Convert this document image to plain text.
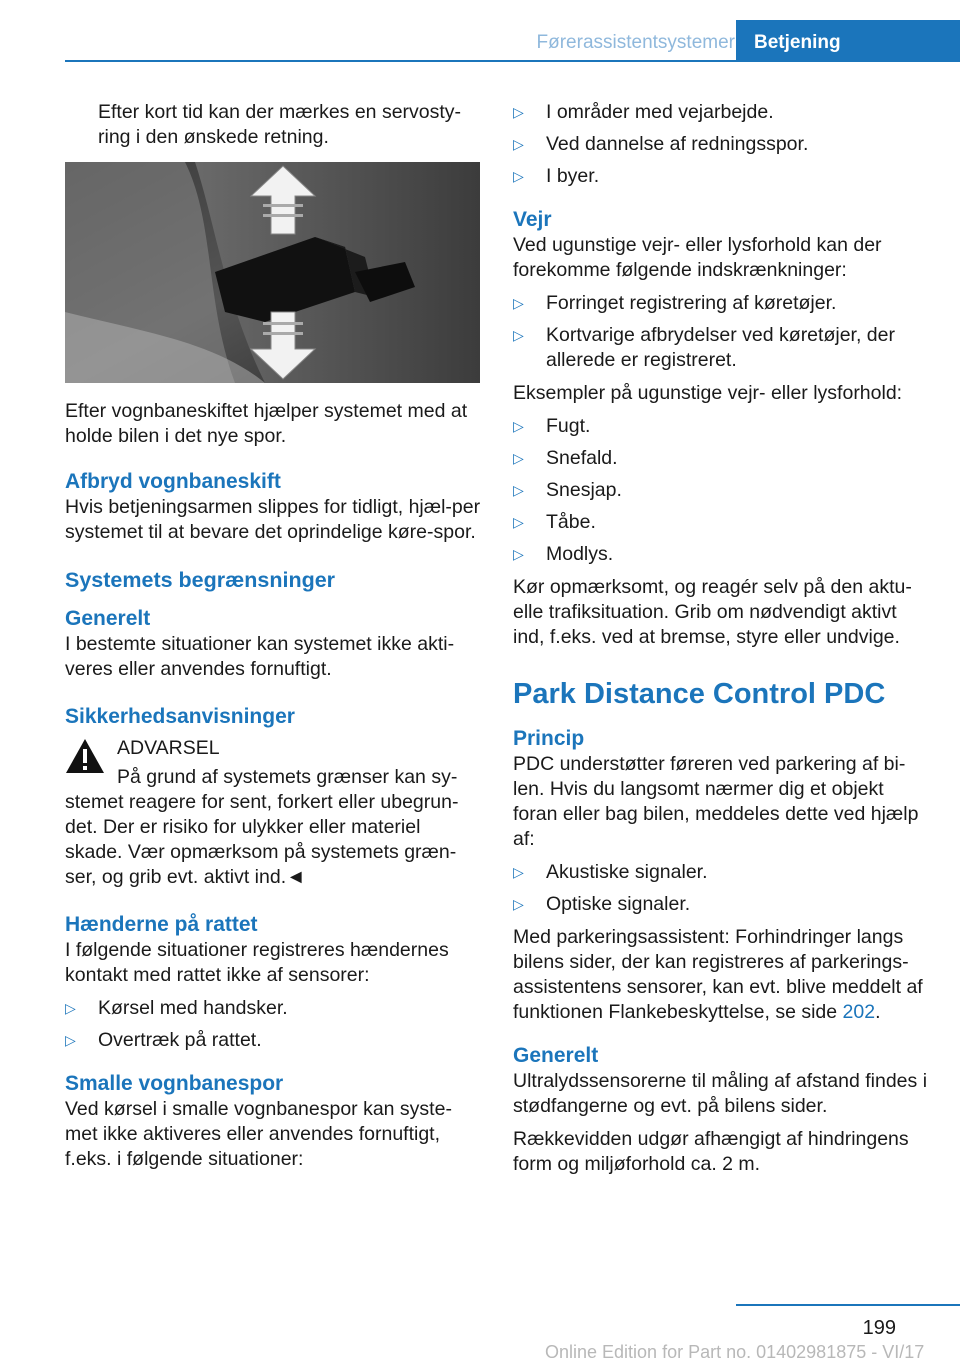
Førerassistentsystemer Betjening

Efter kort tid kan der mærkes en servosty-ring i den ønskede retning.

Efter vognbaneskiftet hjælper systemet med at holde bilen i det nye spor.

Afbryd vognbaneskift

Hvis betjeningsarmen slippes for tidligt, hjæl-per systemet til at bevare det oprindelige køre-spor.

Systemets begrænsninger
Generelt

I bestemte situationer kan systemet ikke akti-veres eller anvendes fornuftigt.

Sikkerhedsanvisninger

ADVARSEL

På grund af systemets grænser kan sy-stemet reagere for sent, forkert eller ubegrun-det. Der er risiko for ulykker eller materiel skade. Vær opmærksom på systemets græn-ser, og grib evt. aktivt ind.◄

Hænderne på rattet

I følgende situationer registreres hændernes kontakt med rattet ikke af sensorer:

▷ Kørsel med handsker.
▷ Overtræk på rattet.
Smalle vognbanespor

Ved kørsel i smalle vognbanespor kan syste-met ikke aktiveres eller anvendes fornuftigt, f.eks. i følgende situationer:

▷ I områder med vejarbejde.
▷ Ved dannelse af redningsspor.
▷ I byer.
Vejr

Ved ugunstige vejr- eller lysforhold kan der forekomme følgende indskrænkninger:

▷ Forringet registrering af køretøjer.
▷ Kortvarige afbrydelser ved køretøjer, der allerede er registreret.

Eksempler på ugunstige vejr- eller lysforhold:

▷ Fugt.
▷ Snefald.
▷ Snesjap.
▷ Tåbe.
▷ Modlys.

Kør opmærksomt, og reagér selv på den aktu-elle trafiksituation. Grib om nødvendigt aktivt ind, f.eks. ved at bremse, styre eller undvige.

Park Distance Control PDC
Princip

PDC understøtter føreren ved parkering af bi-len. Hvis du langsomt nærmer dig et objekt foran eller bag bilen, meddeles dette ved hjælp af:

▷ Akustiske signaler.
▷ Optiske signaler.

Med parkeringsassistent: Forhindringer langs bilens sider, der kan registreres af parkerings-assistentens sensorer, kan evt. blive meddelt af funktionen Flankebeskyttelse, se side 202.

Generelt

Ultralydssensorerne til måling af afstand findes i stødfangerne og evt. på bilens sider.

Rækkevidden udgør afhængigt af hindringens form og miljøforhold ca. 2 m.

199
Online Edition for Part no. 01402981875 - VI/17
